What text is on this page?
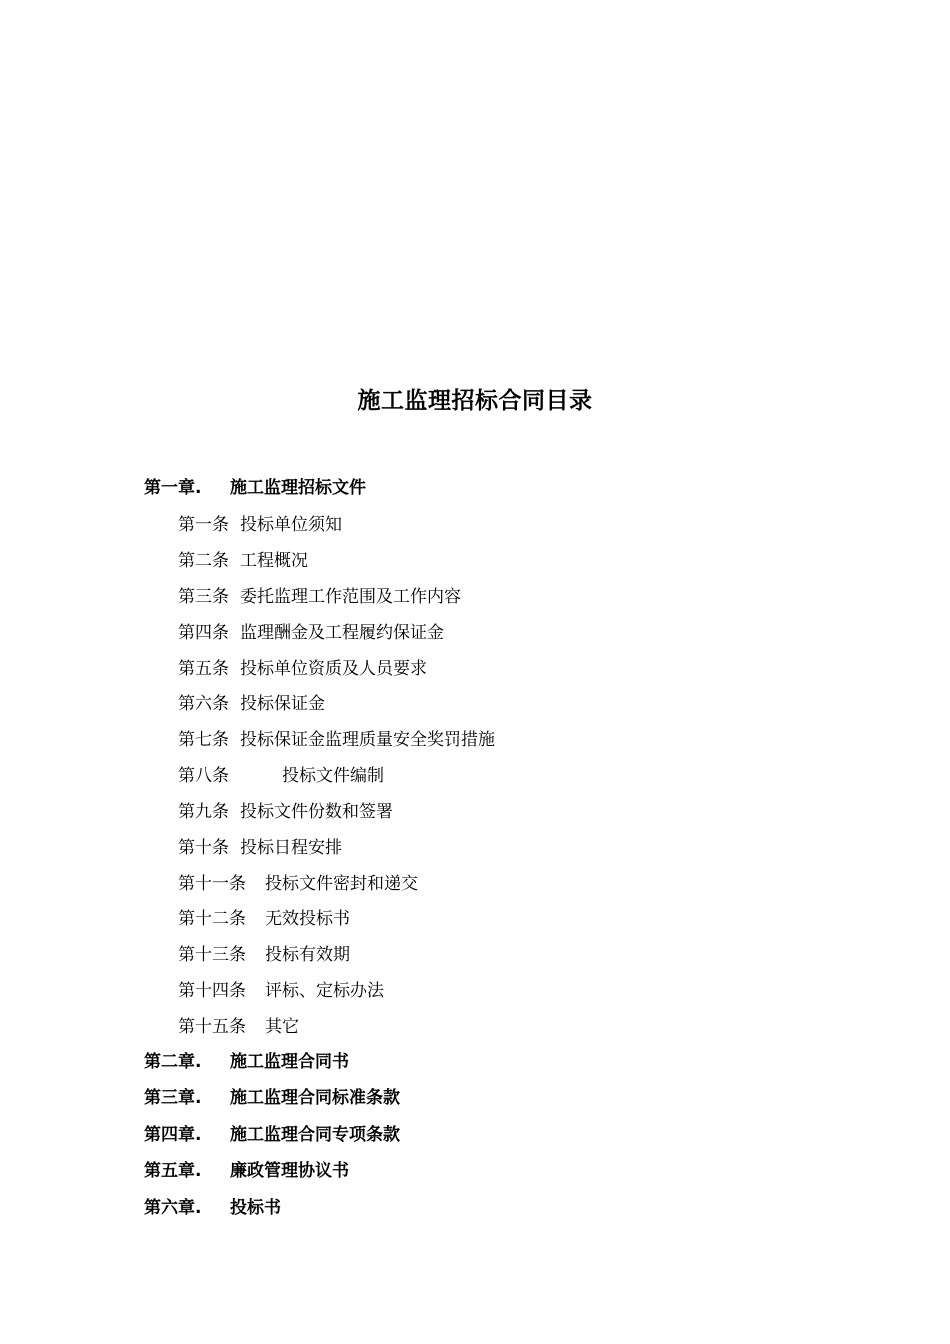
施工监理招标合同目录
第一章. 施工监理招标文件
第一条 投标单位须知
第二条 工程概况
第三条 委托监理工作范围及工作内容
第四条 监理酬金及工程履约保证金
第五条 投标单位资质及人员要求
第六条 投标保证金
第七条 投标保证金监理质量安全奖罚措施
第八条	投标文件编制
第九条 投标文件份数和签署
第十条 投标日程安排
第十一条 投标文件密封和递交
第十二条 无效投标书
第十三条 投标有效期
第十四条 评标、定标办法
第十五条 其它
第二章. 施工监理合同书
第三章. 施工监理合同标准条款
第四章. 施工监理合同专项条款
第五章. 廉政管理协议书
第六章. 投标书
